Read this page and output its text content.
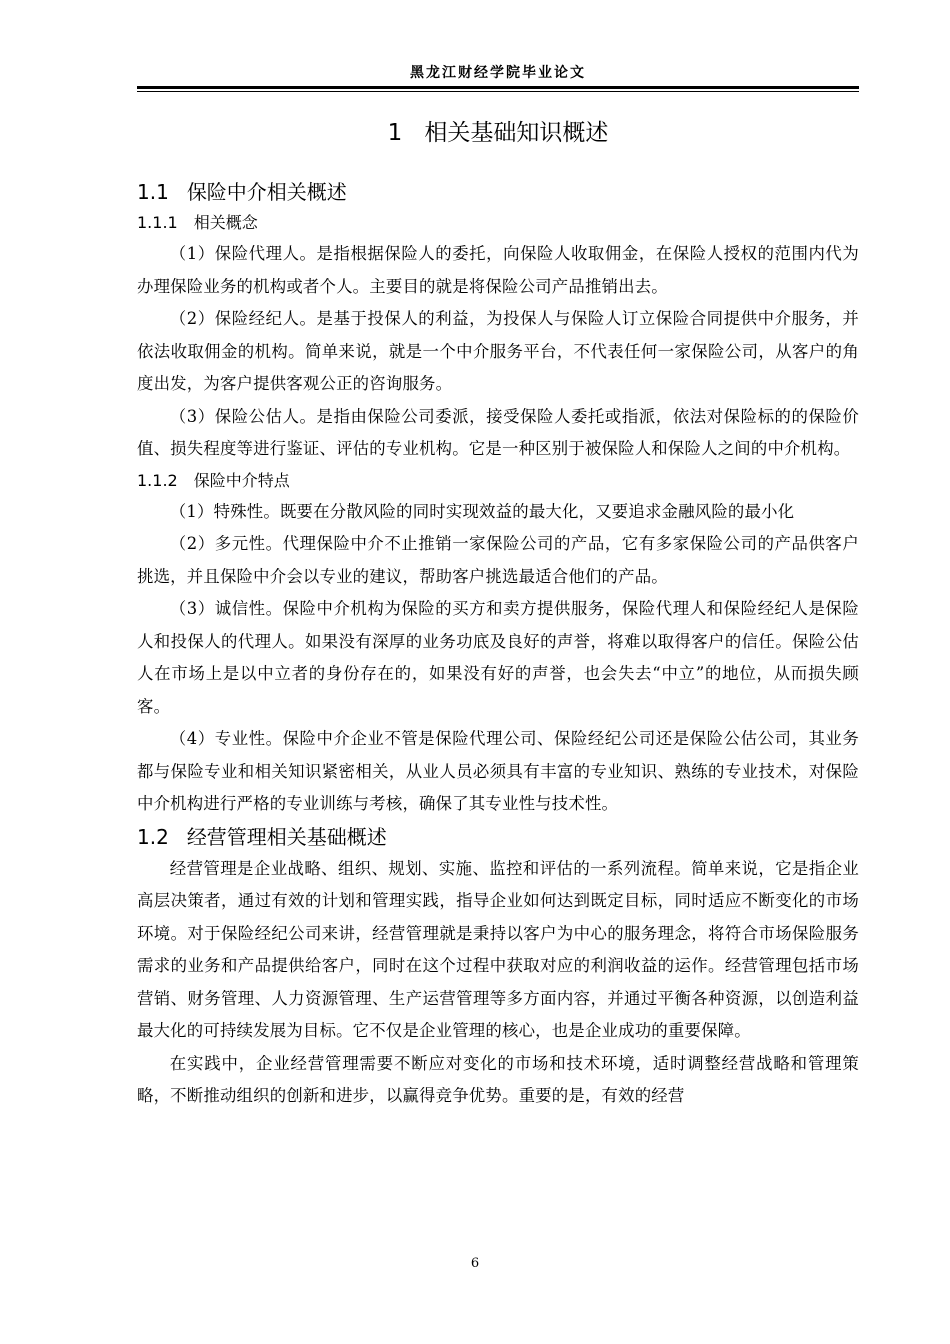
黑龙江财经学院毕业论文
1 相关基础知识概述
1.1 保险中介相关概述
1.1.1 相关概念

（1）保险代理人。是指根据保险人的委托，向保险人收取佣金，在保险人授权的范围内代为办理保险业务的机构或者个人。主要目的就是将保险公司产品推销出去。

（2）保险经纪人。是基于投保人的利益，为投保人与保险人订立保险合同提供中介服务，并依法收取佣金的机构。简单来说，就是一个中介服务平台，不代表任何一家保险公司，从客户的角度出发，为客户提供客观公正的咨询服务。

（3）保险公估人。是指由保险公司委派，接受保险人委托或指派，依法对保险标的的保险价值、损失程度等进行鉴证、评估的专业机构。它是一种区别于被保险人和保险人之间的中介机构。

1.1.2 保险中介特点

（1）特殊性。既要在分散风险的同时实现效益的最大化，又要追求金融风险的最小化

（2）多元性。代理保险中介不止推销一家保险公司的产品，它有多家保险公司的产品供客户挑选，并且保险中介会以专业的建议，帮助客户挑选最适合他们的产品。

（3）诚信性。保险中介机构为保险的买方和卖方提供服务，保险代理人和保险经纪人是保险人和投保人的代理人。如果没有深厚的业务功底及良好的声誉，将难以取得客户的信任。保险公估人在市场上是以中立者的身份存在的，如果没有好的声誉，也会失去“中立”的地位，从而损失顾客。

（4）专业性。保险中介企业不管是保险代理公司、保险经纪公司还是保险公估公司，其业务都与保险专业和相关知识紧密相关，从业人员必须具有丰富的专业知识、熟练的专业技术，对保险中介机构进行严格的专业训练与考核，确保了其专业性与技术性。

1.2 经营管理相关基础概述

经营管理是企业战略、组织、规划、实施、监控和评估的一系列流程。简单来说，它是指企业高层决策者，通过有效的计划和管理实践，指导企业如何达到既定目标，同时适应不断变化的市场环境。对于保险经纪公司来讲，经营管理就是秉持以客户为中心的服务理念，将符合市场保险服务需求的业务和产品提供给客户，同时在这个过程中获取对应的利润收益的运作。经营管理包括市场营销、财务管理、人力资源管理、生产运营管理等多方面内容，并通过平衡各种资源，以创造利益最大化的可持续发展为目标。它不仅是企业管理的核心，也是企业成功的重要保障。

在实践中，企业经营管理需要不断应对变化的市场和技术环境，适时调整经营战略和管理策略，不断推动组织的创新和进步，以赢得竞争优势。重要的是，有效的经营

6
